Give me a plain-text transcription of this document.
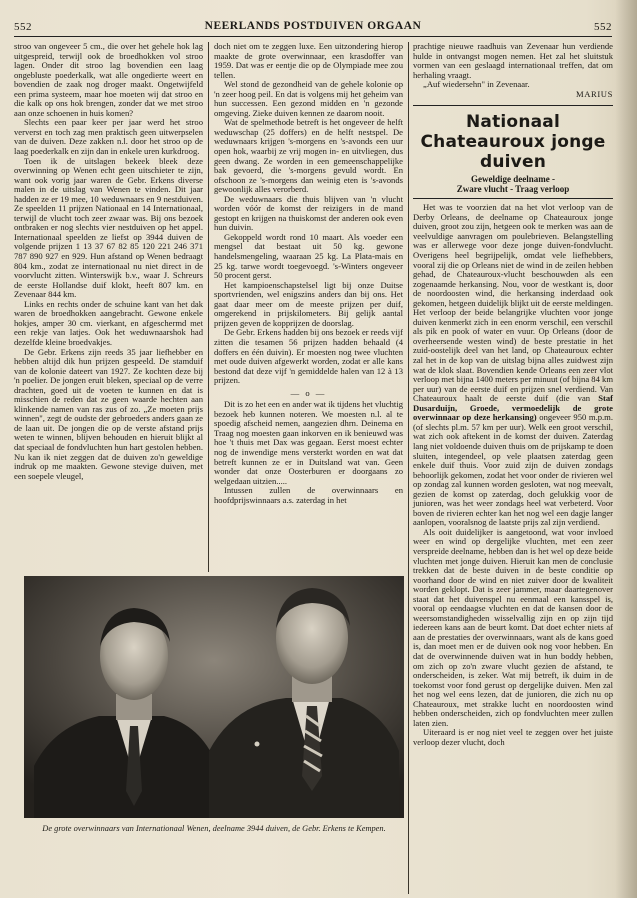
552	NEERLANDS POSTDUIVEN ORGAAN	552

stroo van ongeveer 5 cm., die over het gehele hok lag uitgespreid, terwijl ook de broedhokken vol stroo lagen. Onder dit stroo lag bovendien een laag ongebluste poederkalk, wat alle ongedierte weert en bovendien de zaak nog droger maakt. Ongetwijfeld een prima systeem, maar hoe moeten wij dat stroo en die kalk op ons hok brengen, zonder dat we met stroo aan onze schoenen in huis komen?

Slechts een paar keer per jaar werd het stroo ververst en toch zag men praktisch geen uitwerpselen van de duiven. Deze zakken n.l. door het stroo op de laag poederkalk en zijn dan in enkele uren kurkdroog.

Toen ik de uitslagen bekeek bleek deze overwinning op Wenen echt geen uitschieter te zijn, want ook vorig jaar waren de Gebr. Erkens diverse malen in de uitslag van Wenen te vinden. Dit jaar hadden ze er 19 mee, 10 weduwnaars en 9 nestduiven. Ze speelden 11 prijzen Nationaal en 14 Internationaal, terwijl de vlucht toch zeer zwaar was. Bij ons bezoek ontbraken er nog slechts vier nestduiven op het appel. Internationaal speelden ze liefst op 3944 duiven de volgende prijzen 1 13 37 67 82 85 120 221 246 371 787 890 927 en 929. Hun afstand op Wenen bedraagt 804 km., zodat ze internationaal nu niet direct in de voorvlucht zitten. Winterswijk b.v., waar J. Schreurs de eerste Hollandse duif klokt, heeft 807 km. en Zevenaar 844 km.

Links en rechts onder de schuine kant van het dak waren de broedhokken aangebracht. Gewone enkele hokjes, amper 30 cm. vierkant, en afgeschermd met een rekje van latjes. Ook het weduwnaarshok had dezelfde kleine broedvakjes.

De Gebr. Erkens zijn reeds 35 jaar liefhebber en hebben altijd dik hun prijzen gespeeld. De stamduif van de kolonie dateert van 1927. Ze kochten deze bij 'n poelier. De jongen eruit bleken, speciaal op de verre drachten, goed uit de voeten te kunnen en dat is misschien de reden dat ze geen waarde hechten aan klinkende namen van ras zus of zo. „Ze moeten prijs winnen", zegt de oudste der gebroeders anders gaan ze de laan uit. De jongen die op de verste afstand prijs weten te winnen, blijven behouden en hieruit blijkt al dat speciaal de fondvluchten hun hart gestolen hebben. Nu kan ik niet zeggen dat de duiven zo'n geweldige indruk op me maakten. Gewone stevige duiven, met een soepele vleugel,

doch niet om te zeggen luxe. Een uitzondering hierop maakte de grote overwinnaar, een krasdoffer van 1959. Dat was er eentje die op de Olympiade mee zou tellen.

Wel stond de gezondheid van de gehele kolonie op 'n zeer hoog peil. En dat is volgens mij het geheim van hun successen. Een gezond midden en 'n gezonde omgeving. Zieke duiven kennen ze daarom nooit.

Wat de spelmethode betreft is het ongeveer de helft weduwschap (25 doffers) en de helft nestspel. De weduwnaars krijgen 's-morgens en 's-avonds een uur open hok, waarbij ze vrij mogen in- en uitvliegen, dus geen dwang. Ze worden in een gemeenschappelijke bak gevoerd, die 's-morgens gevuld wordt. En ofschoon ze 's-morgens dan weinig eten is 's-avonds gewoonlijk alles verorberd.

De weduwnaars die thuis blijven van 'n vlucht worden vóór de komst der reizigers in de mand gestopt en krijgen na thuiskomst der anderen ook even hun duivin.

Gekoppeld wordt rond 10 maart. Als voeder een mengsel dat bestaat uit 50 kg. gewone handelsmengeling, waaraan 25 kg. La Plata-mais en 25 kg. tarwe wordt toegevoegd. 's-Winters ongeveer 50 procent gerst.

Het kampioenschapstelsel ligt bij onze Duitse sportvrienden, wel enigszins anders dan bij ons. Het gaat daar meer om de meeste prijzen per duif, omgerekend in prijskilometers. Bij gelijk aantal prijzen geven de kopprijzen de doorslag.

De Gebr. Erkens hadden bij ons bezoek er reeds vijf zitten die tesamen 56 prijzen hadden behaald (4 doffers en één duivin). Er moesten nog twee vluchten met oude duiven afgewerkt worden, zodat er alle kans bestond dat deze vijf 'n gemiddelde halen van 12 à 13 prijzen.

— o —

Dit is zo het een en ander wat ik tijdens het vluchtig bezoek heb kunnen noteren. We moesten n.l. al te spoedig afscheid nemen, aangezien dhrn. Deinema en Traag nog moesten gaan inkorven en ik benieuwd was hoe 't thuis met Dax was gegaan. Eerst moest echter nog de inwendige mens versterkt worden en wat dat betreft kunnen ze er in Duitsland wat van. Geen wonder dat onze Oosterburen er doorgaans zo welgedaan uitzien.....

Intussen zullen de overwinnaars en hoofdprijswinnaars a.s. zaterdag in het

prachtige nieuwe raadhuis van Zevenaar hun verdiende hulde in ontvangst mogen nemen. Het zal het sluitstuk vormen van een geslaagd internationaal treffen, dat om herhaling vraagt.

„Auf wiedersehn" in Zevenaar.

MARIUS
Nationaal Chateauroux jonge duiven
Geweldige deelname -
Zware vlucht - Traag verloop

Het was te voorzien dat na het vlot verloop van de Derby Orleans, de deelname op Chateauroux jonge duiven, groot zou zijn, hetgeen ook te merken was aan de veelvuldige aanvragen om poulebrieven. Belangstelling was er allerwege voor deze jonge duiven-fondvlucht. Overigens heel begrijpelijk, omdat vele liefhebbers, vooral zij die op Orleans niet de wind in de zeilen hebben gehad, de Chateauroux-vlucht beschouwden als een zogenaamde herkansing. Nou, voor de westkant is, door de noordoosten wind, die herkansing inderdaad ook gekomen, hetgeen duidelijk blijkt uit de eerste meldingen. Het verloop der beide belangrijke vluchten voor jonge duiven kenmerkt zich in een enorm verschil, een verschil als pik en pook of water en vuur. Op Orleans (door de overheersende westen wind) de beste prestatie in het zuid-oostelijk deel van het land, op Chateauroux echter zal het in de kop van de uitslag bijna alles zuidwest zijn wat de klok slaat. Bovendien kende Orleans een zeer vlot verloop met bijna 1400 meters per minuut (of bijna 84 km per uur) van de eerste duif en prijzen snel verdiend. Van Chateauroux haalt de eerste duif (die van Staf Dusarduijn, Groede, vermoedelijk de grote overwinnaar op deze herkansing) ongeveer 950 m.p.m. (of slechts pl.m. 57 km per uur). Welk een groot verschil, wat zich ook aftekent in de komst der duiven. Zaterdag lang niet voldoende duiven thuis om de prijskamp te doen sluiten, integendeel, op vele plaatsen zaterdag geen enkele duif thuis. Voor zuid zijn de duiven zondags behoorlijk gekomen, zodat het voor onder de rivieren wel op zondag zal kunnen worden gesloten, wat nog meevalt, gezien de komst op zaterdag, doch gelukkig voor de junioren, was het weer zondags heel wat verbeterd. Voor boven de rivieren echter kan het nog wel een dagje langer aanlopen, vooralsnog de laatste prijs zal zijn verdiend.

Als ooit duidelijker is aangetoond, wat voor invloed weer en wind op dergelijke vluchten, met een zeer verspreide deelname, hebben dan is het wel op deze beide vluchten met jonge duiven. Hieruit kan men de conclusie trekken dat de beste duiven in de beste conditie op voorhand door de wind en niet zuiver door de kwaliteit worden geklopt. Dat is zeer jammer, maar daartegenover staat dat het duivenspel nu eenmaal een kansspel is, vooral op eendaagse vluchten en dat de kansen door de weersomstandigheden wisselvallig zijn en op zijn tijd iedereen kans aan de beurt komt. Dat doet echter niets af aan de prestaties der overwinnaars, want als de kans goed is, dan moet men er de duiven ook nog voor hebben. En dat de overwinnende duiven wat in hun boddy hebben, om zich op zo'n zware vlucht gezien de afstand, te onderscheiden, is zeker. Wat mij betreft, ik duim in de toekomst voor fond gerust op dergelijke duiven. Men zal het nog wel eens lezen, dat de junioren, die zich nu op Chateauroux, met strakke lucht en noordoosten wind hebben onderscheiden, zich op fondvluchten meer zullen laten zien.

Uiteraard is er nog niet veel te zeggen over het juiste verloop dezer vlucht, doch

De grote overwinnaars van Internationaal Wenen, deelname 3944 duiven, de Gebr. Erkens te Kempen.
